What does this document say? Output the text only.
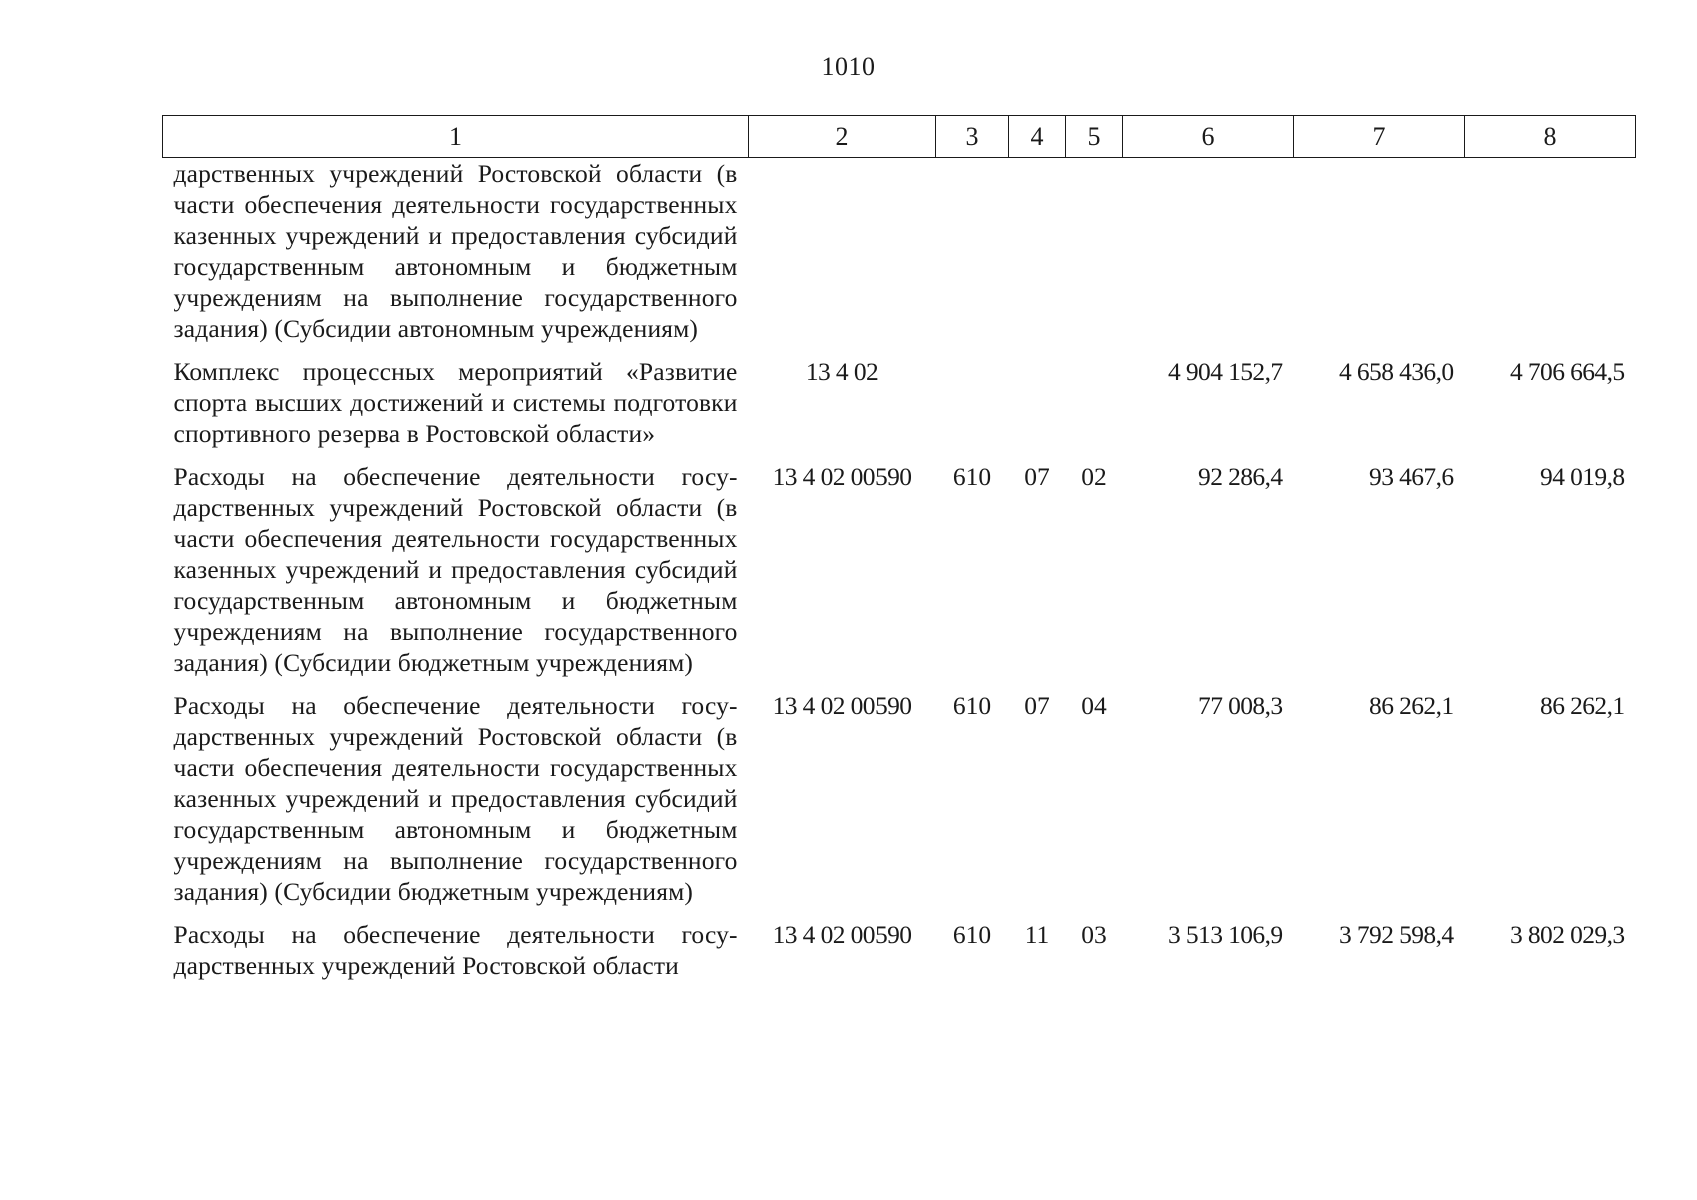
1010
1	2	3	4	5	6	7	8
дарственных учреждений Ростовской области (в части обеспечения деятельности государственных казенных учреждений и предоставления субсидий государственным автономным и бюджетным учреждениям на выполнение государственного задания) (Субсидии автономным учреждениям)							
Комплекс процессных мероприятий «Развитие спорта высших достижений и системы подготовки спортивного резерва в Ростовской области»	13 4 02				4 904 152,7	4 658 436,0	4 706 664,5
Расходы на обеспечение деятельности государственных учреждений Ростовской области (в части обеспечения деятельности государственных казенных учреждений и предоставления субсидий государственным автономным и бюджетным учреждениям на выполнение государственного задания) (Субсидии бюджетным учреждениям)	13 4 02 00590	610	07	02	92 286,4	93 467,6	94 019,8
Расходы на обеспечение деятельности государственных учреждений Ростовской области (в части обеспечения деятельности государственных казенных учреждений и предоставления субсидий государственным автономным и бюджетным учреждениям на выполнение государственного задания) (Субсидии бюджетным учреждениям)	13 4 02 00590	610	07	04	77 008,3	86 262,1	86 262,1
Расходы на обеспечение деятельности государственных учреждений Ростовской области	13 4 02 00590	610	11	03	3 513 106,9	3 792 598,4	3 802 029,3
